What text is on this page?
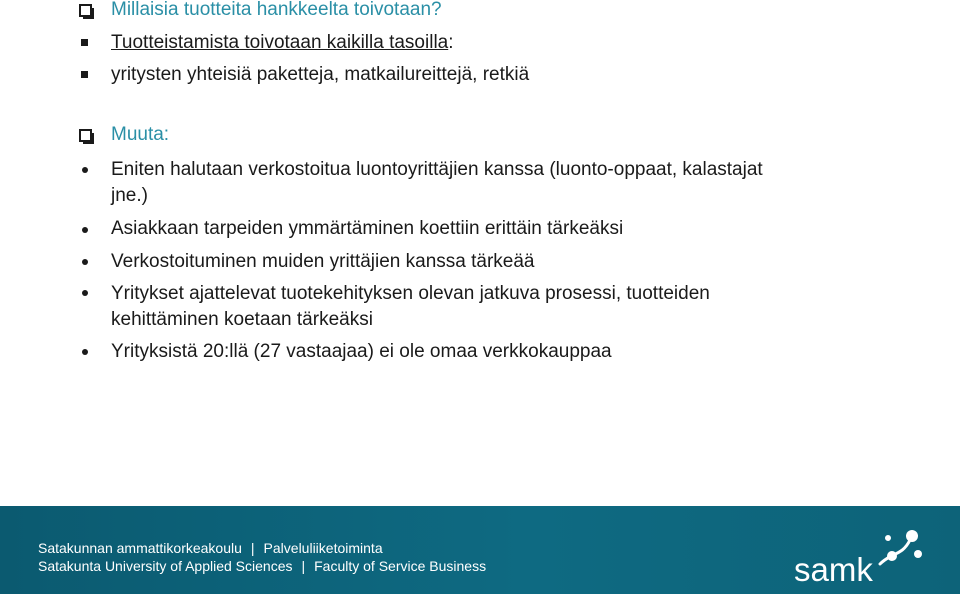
Millaisia tuotteita hankkeelta toivotaan?
Tuotteistamista toivotaan kaikilla tasoilla:
yritysten yhteisiä paketteja, matkailureittejä, retkiä
Muuta:
Eniten halutaan verkostoitua luontoyrittäjien kanssa (luonto-oppaat, kalastajat
jne.)
Asiakkaan tarpeiden ymmärtäminen koettiin erittäin tärkeäksi
Verkostoituminen muiden yrittäjien kanssa tärkeää
Yritykset ajattelevat tuotekehityksen olevan jatkuva prosessi, tuotteiden
kehittäminen koetaan tärkeäksi
Yrityksistä 20:llä (27 vastaajaa) ei ole omaa verkkokauppaa
Satakunnan ammattikorkeakoulu | Palveluliiketoiminta
Satakunta University of Applied Sciences | Faculty of Service Business	samk
